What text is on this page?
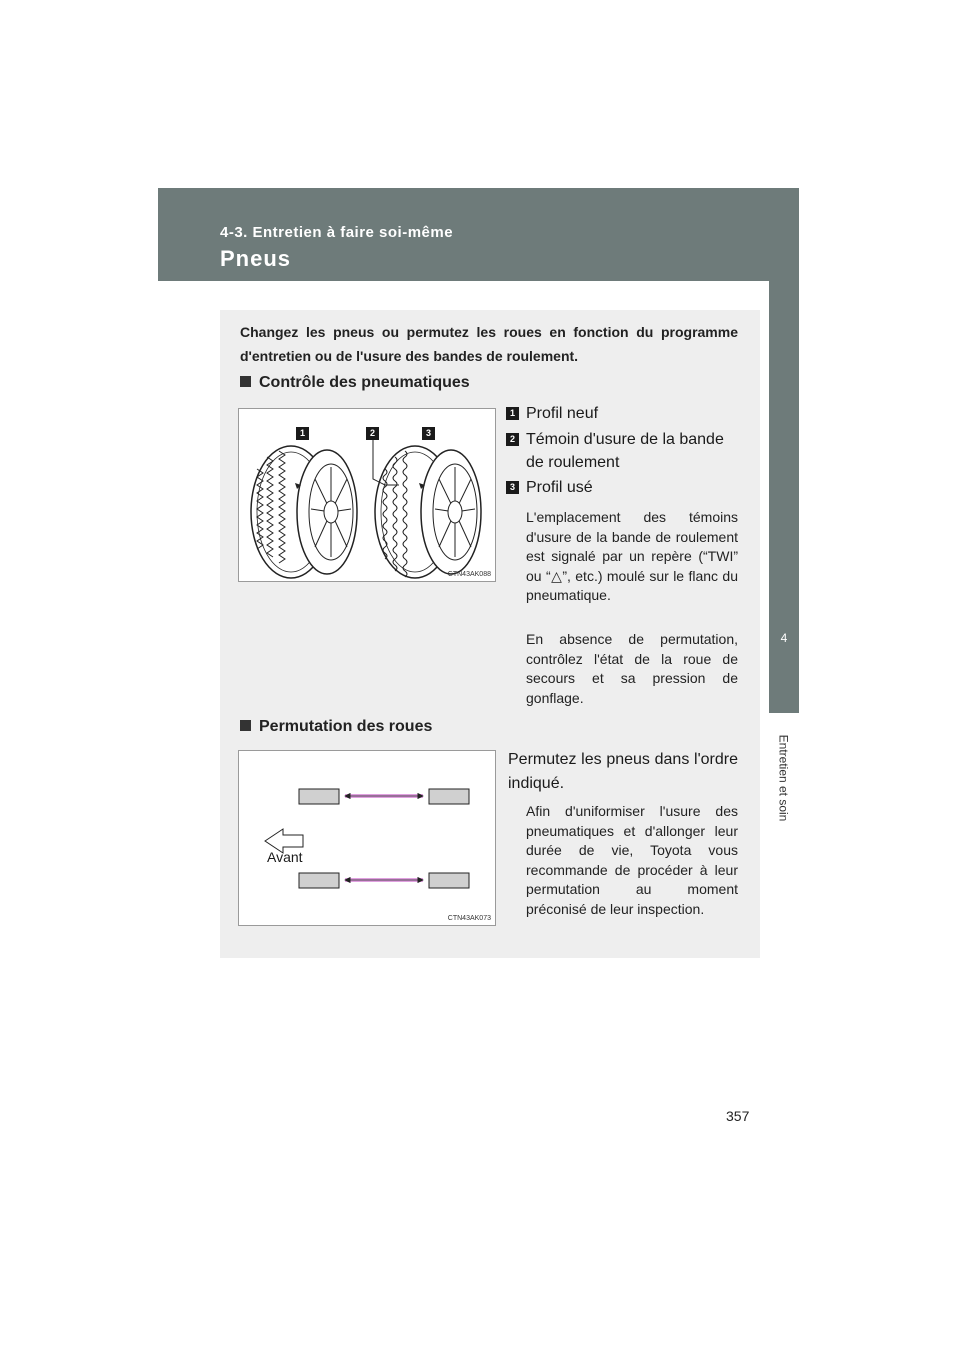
4-3. Entretien à faire soi-même
Pneus
4
Entretien et soin
Changez les pneus ou permutez les roues en fonction du programme d'entretien ou de l'usure des bandes de roulement.
Contrôle des pneumatiques
1	2	3
CTN43AK088
1 Profil neuf
2 Témoin d'usure de la bande de roulement
3 Profil usé
L'emplacement des témoins d'usure de la bande de roulement est signalé par un repère (“TWI” ou “△”, etc.) moulé sur le flanc du pneumatique.
En absence de permutation, contrôlez l'état de la roue de secours et sa pression de gonflage.
Permutation des roues
Avant
CTN43AK073
Permutez les pneus dans l'ordre indiqué.
Afin d'uniformiser l'usure des pneumatiques et d'allonger leur durée de vie, Toyota vous recommande de procéder à leur permutation au moment préconisé de leur inspection.
357
